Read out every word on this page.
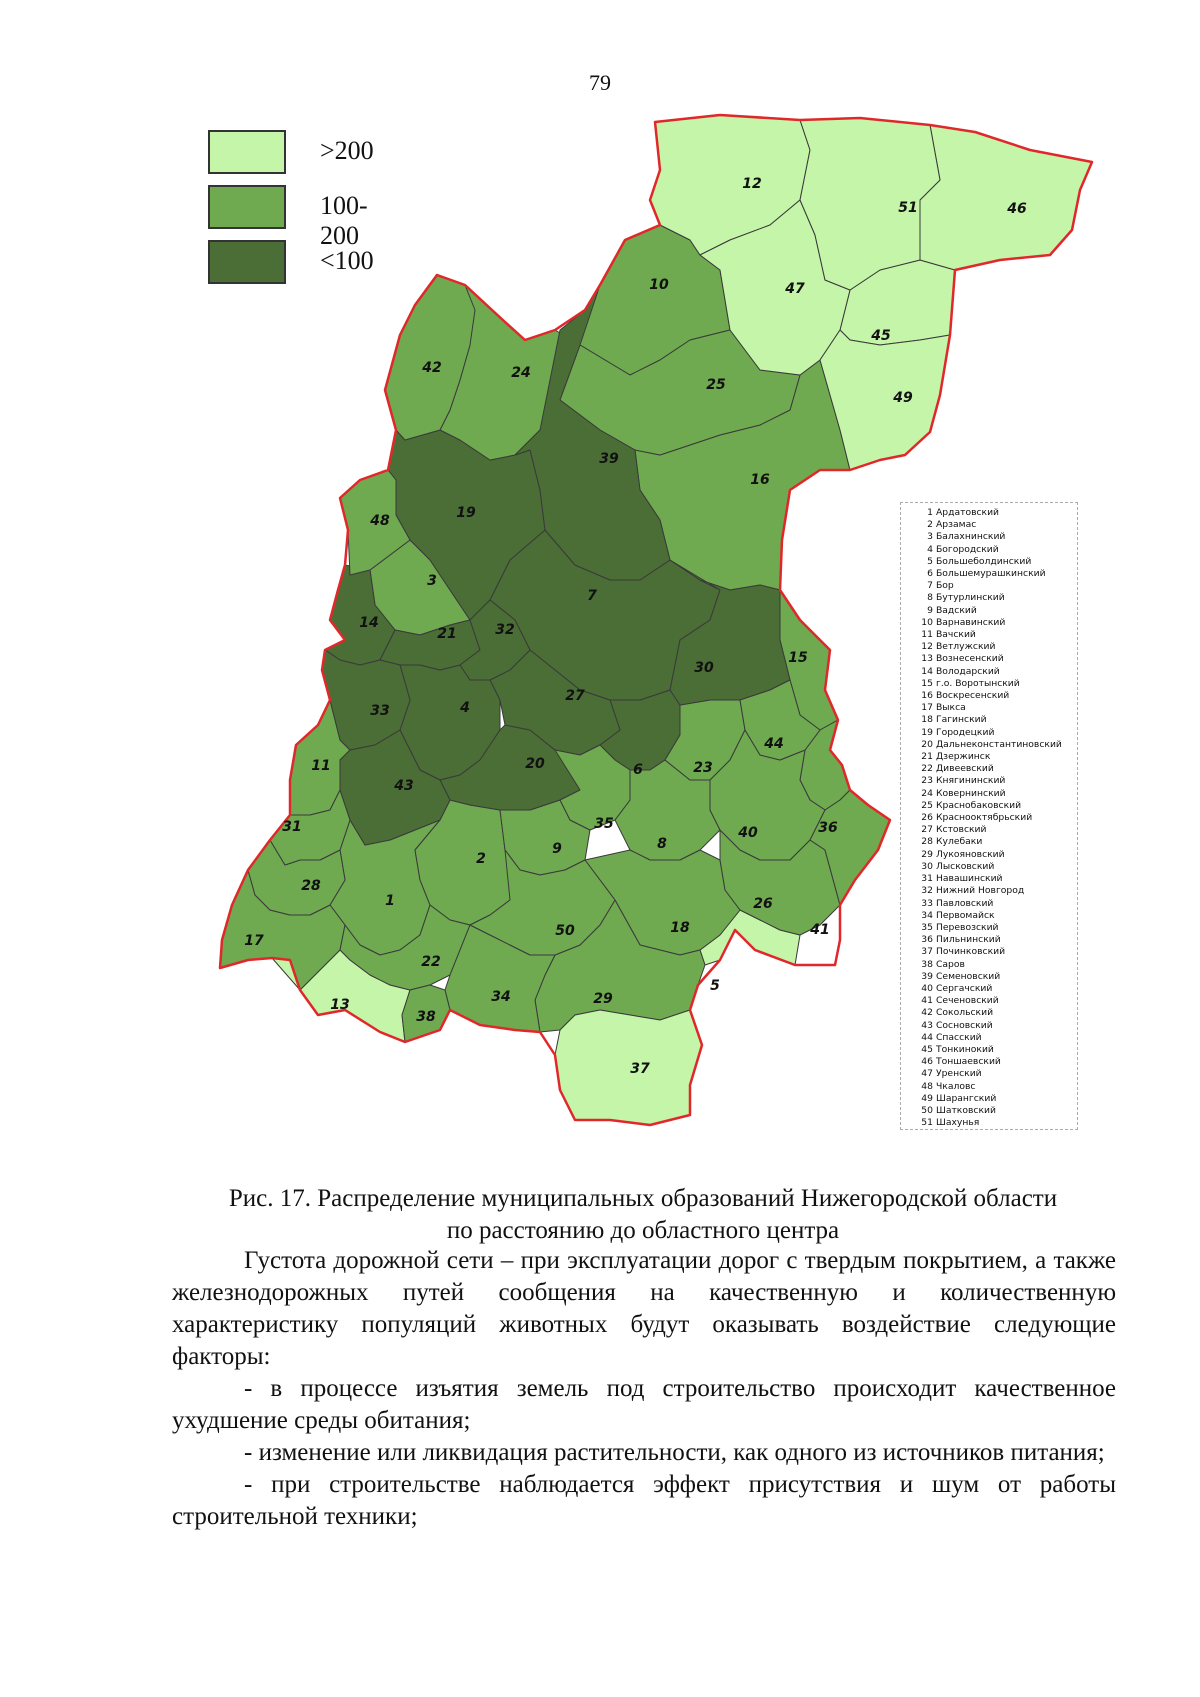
79
1
2
3
4
5
6
7
8
9
10
11
12
13
14
15
16
17
18
19
20
21
22
23
24
25
26
27
28
29
30
31
32
33
34
35	36
37
38
39
40
41
42
43
44
45
46
47
48
49
50
51
>200
100-200
<100
1 Ардатовский
2 Арзамас
3 Балахнинский
4 Богородский
5 Большеболдинский
6 Большемурашкинский
7 Бор
8 Бутурлинский
9 Вадский
10 Варнавинский
11 Вачский
12 Ветлужский
13 Вознесенский
14 Володарский
15 г.о. Воротынский
16 Воскресенский
17 Выкса
18 Гагинский
19 Городецкий
20 Дальнеконстантиновский
21 Дзержинск
22 Дивеевский
23 Княгининский
24 Ковернинский
25 Краснобаковский
26 Краснооктябрьский
27 Кстовский
28 Кулебаки
29 Лукояновский
30 Лысковский
31 Навашинский
32 Нижний Новгород
33 Павловский
34 Первомайск
35 Перевозский
36 Пильнинский
37 Починковский
38 Саров
39 Семеновский
40 Сергачский
41 Сеченовский
42 Сокольский
43 Сосновский
44 Спасский
45 Тонкинокий
46 Тоншаевский
47 Уренский
48 Чкаловс
49 Шарангский
50 Шатковский
51 Шахунья
Рис. 17. Распределение муниципальных образований Нижегородской области
по расстоянию до областного центра

Густота дорожной сети – при эксплуатации дорог с твердым покрытием, а также железнодорожных путей сообщения на качественную и количественную характеристику популяций животных будут оказывать воздействие следующие факторы:

- в процессе изъятия земель под строительство происходит качественное ухудшение среды обитания;

- изменение или ликвидация растительности, как одного из источников питания;

- при строительстве наблюдается эффект присутствия и шум от работы строительной техники;
